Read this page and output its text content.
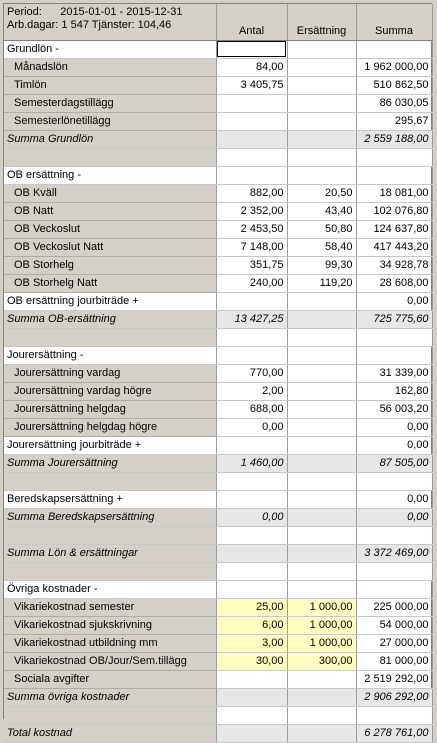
Period: 2015-01-01 - 2015-12-31
Arb.dagar: 1 547 Tjänster: 104,46	Antal	Ersättning	Summa
Grundlön -			
Månadslön	84,00		1 962 000,00
Timlön	3 405,75		510 862,50
Semesterdagstillägg			86 030,05
Semesterlönetillägg			295,67
Summa Grundlön			2 559 188,00

OB ersättning -			
OB Kväll	882,00	20,50	18 081,00
OB Natt	2 352,00	43,40	102 076,80
OB Veckoslut	2 453,50	50,80	124 637,80
OB Veckoslut Natt	7 148,00	58,40	417 443,20
OB Storhelg	351,75	99,30	34 928,78
OB Storhelg Natt	240,00	119,20	28 608,00
OB ersättning jourbiträde +			0,00
Summa OB-ersättning	13 427,25		725 775,60

Jourersättning -			
Jourersättning vardag	770,00		31 339,00
Jourersättning vardag högre	2,00		162,80
Jourersättning helgdag	688,00		56 003,20
Jourersättning helgdag högre	0,00		0,00
Jourersättning jourbiträde +			0,00
Summa Jourersättning	1 460,00		87 505,00

Beredskapsersättning +			0,00
Summa Beredskapsersättning	0,00		0,00

Summa Lön & ersättningar			3 372 469,00

Övriga kostnader -			
Vikariekostnad semester	25,00	1 000,00	225 000,00
Vikariekostnad sjukskrivning	6,00	1 000,00	54 000,00
Vikariekostnad utbildning mm	3,00	1 000,00	27 000,00
Vikariekostnad OB/Jour/Sem.tillägg	30,00	300,00	81 000,00
Sociala avgifter			2 519 292,00
Summa övriga kostnader			2 906 292,00

Total kostnad			6 278 761,00
